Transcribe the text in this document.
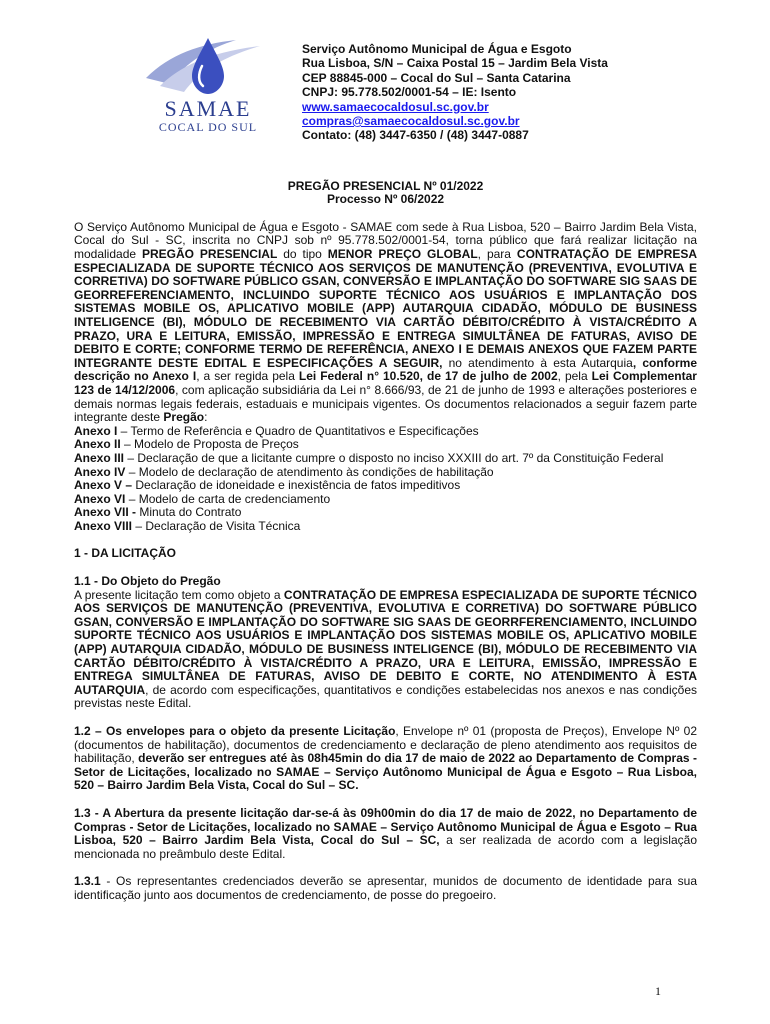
SAMAE
COCAL DO SUL
Serviço Autônomo Municipal de Água e Esgoto
Rua Lisboa, S/N – Caixa Postal 15 – Jardim Bela Vista
CEP 88845-000 – Cocal do Sul – Santa Catarina
CNPJ: 95.778.502/0001-54 – IE: Isento
www.samaecocaldosul.sc.gov.br
compras@samaecocaldosul.sc.gov.br
Contato: (48) 3447-6350 / (48) 3447-0887
PREGÃO PRESENCIAL Nº 01/2022
Processo Nº 06/2022

O Serviço Autônomo Municipal de Água e Esgoto - SAMAE com sede à Rua Lisboa, 520 – Bairro Jardim Bela Vista, Cocal do Sul - SC, inscrita no CNPJ sob nº 95.778.502/0001-54, torna público que fará realizar licitação na modalidade PREGÃO PRESENCIAL do tipo MENOR PREÇO GLOBAL, para CONTRATAÇÃO DE EMPRESA ESPECIALIZADA DE SUPORTE TÉCNICO AOS SERVIÇOS DE MANUTENÇÃO (PREVENTIVA, EVOLUTIVA E CORRETIVA) DO SOFTWARE PÚBLICO GSAN, CONVERSÃO E IMPLANTAÇÃO DO SOFTWARE SIG SAAS DE GEORREFERENCIAMENTO, INCLUINDO SUPORTE TÉCNICO AOS USUÁRIOS E IMPLANTAÇÃO DOS SISTEMAS MOBILE OS, APLICATIVO MOBILE (APP) AUTARQUIA CIDADÃO, MÓDULO DE BUSINESS INTELIGENCE (BI), MÓDULO DE RECEBIMENTO VIA CARTÃO DÉBITO/CRÉDITO À VISTA/CRÉDITO A PRAZO, URA E LEITURA, EMISSÃO, IMPRESSÃO E ENTREGA SIMULTÂNEA DE FATURAS, AVISO DE DEBITO E CORTE; CONFORME TERMO DE REFERÊNCIA, ANEXO I E DEMAIS ANEXOS QUE FAZEM PARTE INTEGRANTE DESTE EDITAL E ESPECIFICAÇÕES A SEGUIR, no atendimento à esta Autarquia, conforme descrição no Anexo I, a ser regida pela Lei Federal n° 10.520, de 17 de julho de 2002, pela Lei Complementar 123 de 14/12/2006, com aplicação subsidiária da Lei n° 8.666/93, de 21 de junho de 1993 e alterações posteriores e demais normas legais federais, estaduais e municipais vigentes. Os documentos relacionados a seguir fazem parte integrante deste Pregão:

Anexo I – Termo de Referência e Quadro de Quantitativos e Especificações
Anexo II – Modelo de Proposta de Preços
Anexo III – Declaração de que a licitante cumpre o disposto no inciso XXXIII do art. 7º da Constituição Federal
Anexo IV – Modelo de declaração de atendimento às condições de habilitação
Anexo V – Declaração de idoneidade e inexistência de fatos impeditivos
Anexo VI – Modelo de carta de credenciamento
Anexo VII - Minuta do Contrato
Anexo VIII – Declaração de Visita Técnica

1 - DA LICITAÇÃO

1.1 - Do Objeto do Pregão

A presente licitação tem como objeto a CONTRATAÇÃO DE EMPRESA ESPECIALIZADA DE SUPORTE TÉCNICO AOS SERVIÇOS DE MANUTENÇÃO (PREVENTIVA, EVOLUTIVA E CORRETIVA) DO SOFTWARE PÚBLICO GSAN, CONVERSÃO E IMPLANTAÇÃO DO SOFTWARE SIG SAAS DE GEORRFERENCIAMENTO, INCLUINDO SUPORTE TÉCNICO AOS USUÁRIOS E IMPLANTAÇÃO DOS SISTEMAS MOBILE OS, APLICATIVO MOBILE (APP) AUTARQUIA CIDADÃO, MÓDULO DE BUSINESS INTELIGENCE (BI), MÓDULO DE RECEBIMENTO VIA CARTÃO DÉBITO/CRÉDITO À VISTA/CRÉDITO A PRAZO, URA E LEITURA, EMISSÃO, IMPRESSÃO E ENTREGA SIMULTÂNEA DE FATURAS, AVISO DE DEBITO E CORTE, NO ATENDIMENTO À ESTA AUTARQUIA, de acordo com especificações, quantitativos e condições estabelecidas nos anexos e nas condições previstas neste Edital.

1.2 – Os envelopes para o objeto da presente Licitação, Envelope nº 01 (proposta de Preços), Envelope Nº 02 (documentos de habilitação), documentos de credenciamento e declaração de pleno atendimento aos requisitos de habilitação, deverão ser entregues até às 08h45min do dia 17 de maio de 2022 ao Departamento de Compras - Setor de Licitações, localizado no SAMAE – Serviço Autônomo Municipal de Água e Esgoto – Rua Lisboa, 520 – Bairro Jardim Bela Vista, Cocal do Sul – SC.

1.3 - A Abertura da presente licitação dar-se-á às 09h00min do dia 17 de maio de 2022, no Departamento de Compras - Setor de Licitações, localizado no SAMAE – Serviço Autônomo Municipal de Água e Esgoto – Rua Lisboa, 520 – Bairro Jardim Bela Vista, Cocal do Sul – SC, a ser realizada de acordo com a legislação mencionada no preâmbulo deste Edital.

1.3.1 - Os representantes credenciados deverão se apresentar, munidos de documento de identidade para sua identificação junto aos documentos de credenciamento, de posse do pregoeiro.

1
